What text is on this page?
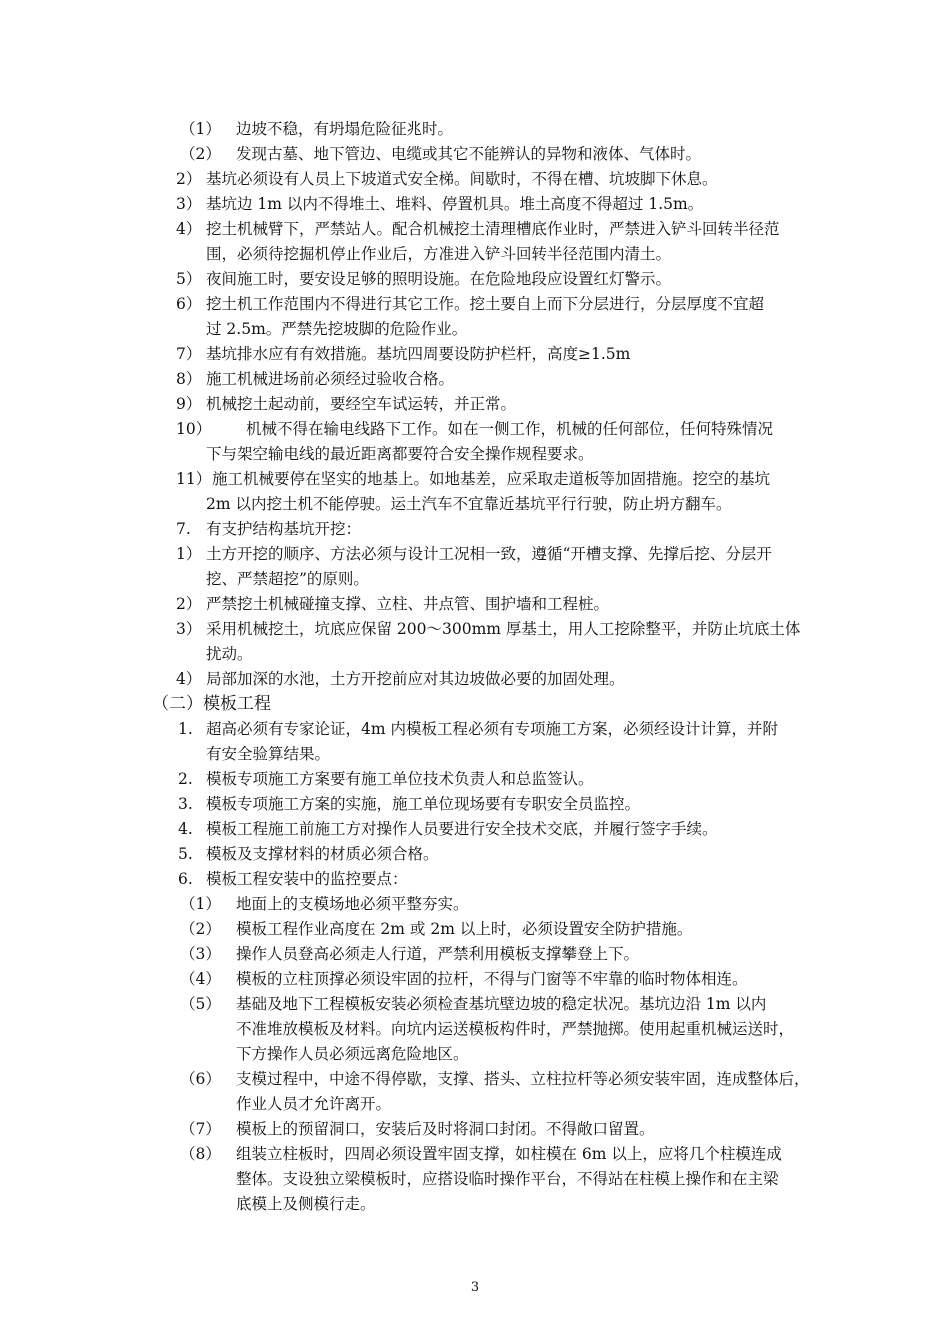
（1） 边坡不稳，有坍塌危险征兆时。
（2） 发现古墓、地下管边、电缆或其它不能辨认的异物和液体、气体时。
2） 基坑必须设有人员上下坡道式安全梯。间歇时，不得在槽、坑坡脚下休息。
3） 基坑边 1m 以内不得堆土、堆料、停置机具。堆土高度不得超过 1.5m。
4） 挖土机械臂下，严禁站人。配合机械挖土清理槽底作业时，严禁进入铲斗回转半径范
围，必须待挖掘机停止作业后，方准进入铲斗回转半径范围内清土。
5） 夜间施工时，要安设足够的照明设施。在危险地段应设置红灯警示。
6） 挖土机工作范围内不得进行其它工作。挖土要自上而下分层进行，分层厚度不宜超
过 2.5m。严禁先挖坡脚的危险作业。
7） 基坑排水应有有效措施。基坑四周要设防护栏杆，高度≥1.5m
8） 施工机械进场前必须经过验收合格。
9） 机械挖土起动前，要经空车试运转，并正常。
10） 机械不得在输电线路下工作。如在一侧工作，机械的任何部位，任何特殊情况
下与架空输电线的最近距离都要符合安全操作规程要求。
11） 施工机械要停在坚实的地基上。如地基差，应采取走道板等加固措施。挖空的基坑
2m 以内挖土机不能停驶。运土汽车不宜靠近基坑平行行驶，防止坍方翻车。
7. 有支护结构基坑开挖：
1） 土方开挖的顺序、方法必须与设计工况相一致，遵循“开槽支撑、先撑后挖、分层开
挖、严禁超挖”的原则。
2） 严禁挖土机械碰撞支撑、立柱、井点管、围护墙和工程桩。
3） 采用机械挖土，坑底应保留 200～300mm 厚基土，用人工挖除整平，并防止坑底土体
扰动。
4） 局部加深的水池，土方开挖前应对其边坡做必要的加固处理。
（二）模板工程
1. 超高必须有专家论证，4m 内模板工程必须有专项施工方案，必须经设计计算，并附
有安全验算结果。
2. 模板专项施工方案要有施工单位技术负责人和总监签认。
3. 模板专项施工方案的实施，施工单位现场要有专职安全员监控。
4. 模板工程施工前施工方对操作人员要进行安全技术交底，并履行签字手续。
5. 模板及支撑材料的材质必须合格。
6. 模板工程安装中的监控要点：
（1） 地面上的支模场地必须平整夯实。
（2） 模板工程作业高度在 2m 或 2m 以上时，必须设置安全防护措施。
（3） 操作人员登高必须走人行道，严禁利用模板支撑攀登上下。
（4） 模板的立柱顶撑必须设牢固的拉杆，不得与门窗等不牢靠的临时物体相连。
（5） 基础及地下工程模板安装必须检查基坑壁边坡的稳定状况。基坑边沿 1m 以内
不准堆放模板及材料。向坑内运送模板构件时，严禁抛掷。使用起重机械运送时，
下方操作人员必须远离危险地区。
（6） 支模过程中，中途不得停歇，支撑、搭头、立柱拉杆等必须安装牢固，连成整体后，
作业人员才允许离开。
（7） 模板上的预留洞口，安装后及时将洞口封闭。不得敞口留置。
（8） 组装立柱板时，四周必须设置牢固支撑，如柱模在 6m 以上，应将几个柱模连成
整体。支设独立梁模板时，应搭设临时操作平台，不得站在柱模上操作和在主梁
底模上及侧模行走。
3
